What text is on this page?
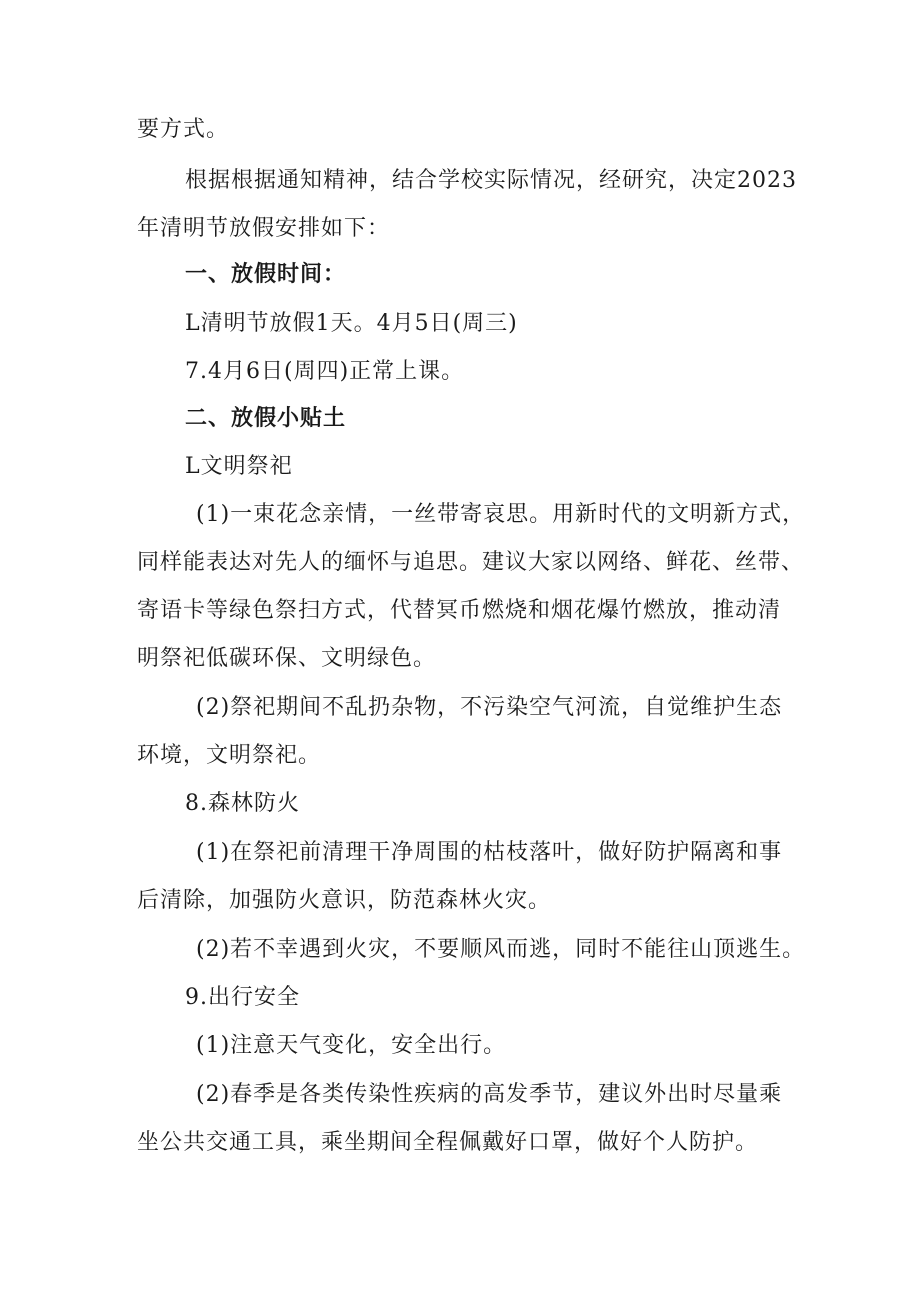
要方式。
根据根据通知精神，结合学校实际情况，经研究，决定2023
年清明节放假安排如下：
一、放假时间：
L清明节放假1天。4月5日(周三)
7.4月6日(周四)正常上课。
二、放假小贴土
L文明祭祀
(1)一束花念亲情，一丝带寄哀思。用新时代的文明新方式，
同样能表达对先人的缅怀与追思。建议大家以网络、鲜花、丝带、
寄语卡等绿色祭扫方式，代替冥币燃烧和烟花爆竹燃放，推动清
明祭祀低碳环保、文明绿色。
(2)祭祀期间不乱扔杂物，不污染空气河流，自觉维护生态
环境，文明祭祀。
8.森林防火
(1)在祭祀前清理干净周围的枯枝落叶，做好防护隔离和事
后清除，加强防火意识，防范森林火灾。
(2)若不幸遇到火灾，不要顺风而逃，同时不能往山顶逃生。
9.出行安全
(1)注意天气变化，安全出行。
(2)春季是各类传染性疾病的高发季节，建议外出时尽量乘
坐公共交通工具，乘坐期间全程佩戴好口罩，做好个人防护。
